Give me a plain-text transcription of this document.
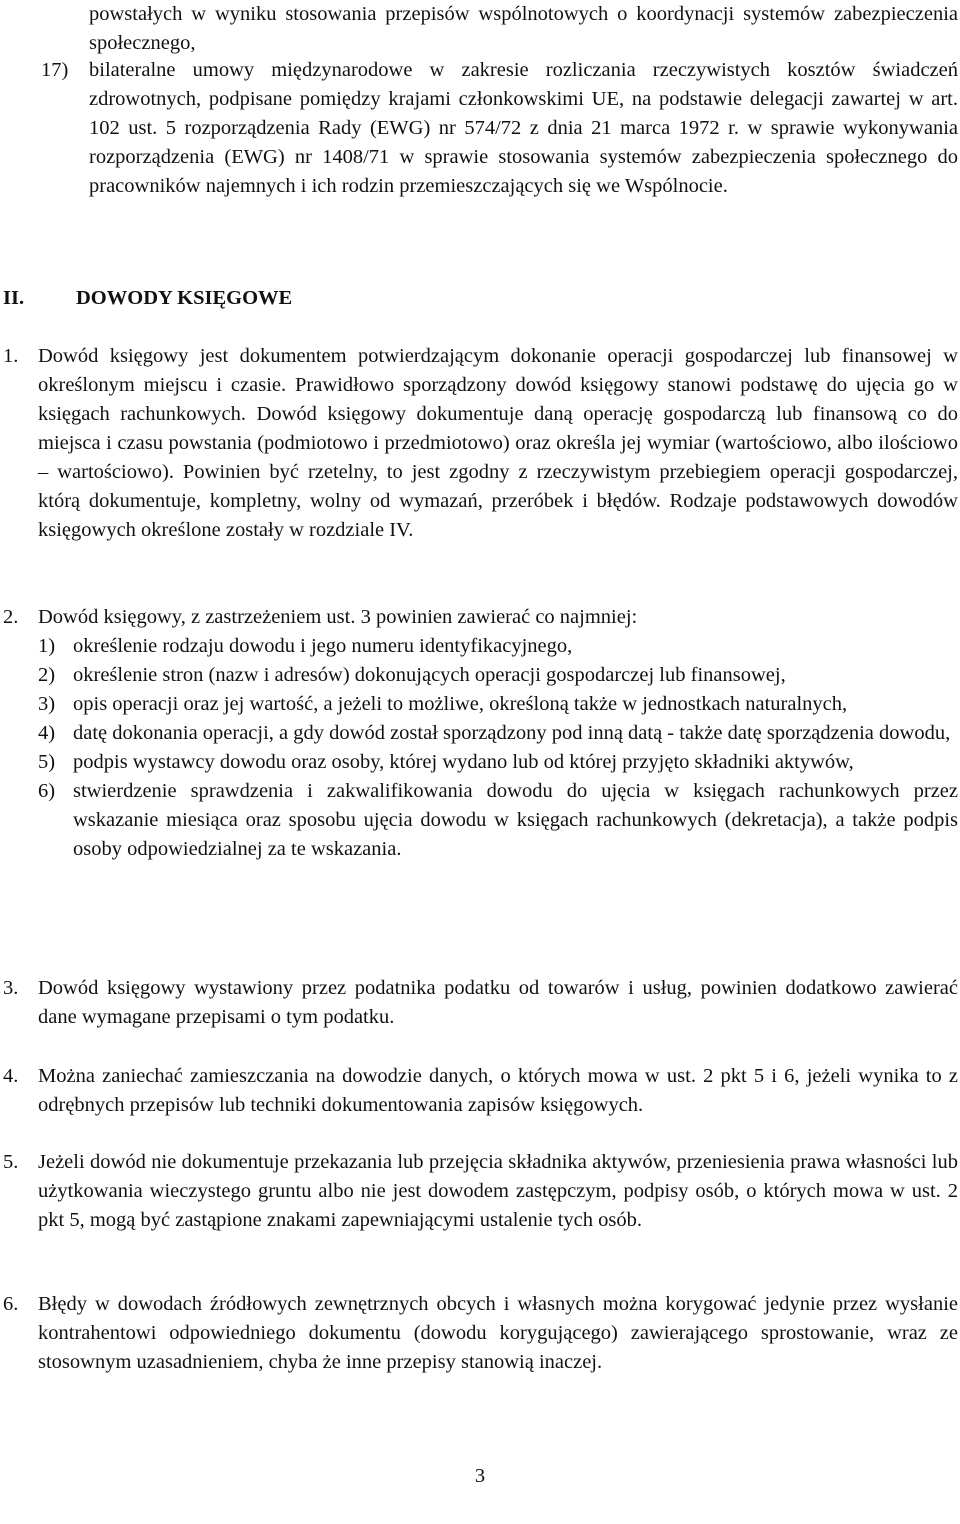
powstałych w wyniku stosowania przepisów wspólnotowych o koordynacji systemów zabezpieczenia społecznego,
17)	bilateralne umowy międzynarodowe w zakresie rozliczania rzeczywistych kosztów świadczeń zdrowotnych, podpisane pomiędzy krajami członkowskimi UE, na podstawie delegacji zawartej w art. 102 ust. 5 rozporządzenia Rady (EWG) nr 574/72 z dnia 21 marca 1972 r. w sprawie wykonywania rozporządzenia (EWG) nr 1408/71 w sprawie stosowania systemów zabezpieczenia społecznego do pracowników najemnych i ich rodzin przemieszczających się we Wspólnocie.
II.	DOWODY KSIĘGOWE
1. Dowód księgowy jest dokumentem potwierdzającym dokonanie operacji gospodarczej lub finansowej w określonym miejscu i czasie. Prawidłowo sporządzony dowód księgowy stanowi podstawę do ujęcia go w księgach rachunkowych. Dowód księgowy dokumentuje daną operację gospodarczą lub finansową co do miejsca i czasu powstania (podmiotowo i przedmiotowo) oraz określa jej wymiar (wartościowo, albo ilościowo – wartościowo). Powinien być rzetelny, to jest zgodny z rzeczywistym przebiegiem operacji gospodarczej, którą dokumentuje, kompletny, wolny od wymazań, przeróbek i błędów. Rodzaje podstawowych dowodów księgowych określone zostały w rozdziale IV.
2. Dowód księgowy, z zastrzeżeniem ust. 3 powinien zawierać co najmniej:
1) określenie rodzaju dowodu i jego numeru identyfikacyjnego,
2) określenie stron (nazw i adresów) dokonujących operacji gospodarczej lub finansowej,
3) opis operacji oraz jej wartość, a jeżeli to możliwe, określoną także w jednostkach naturalnych,
4) datę dokonania operacji, a gdy dowód został sporządzony pod inną datą - także datę sporządzenia dowodu,
5) podpis wystawcy dowodu oraz osoby, której wydano lub od której przyjęto składniki aktywów,
6) stwierdzenie sprawdzenia i zakwalifikowania dowodu do ujęcia w księgach rachunkowych przez wskazanie miesiąca oraz sposobu ujęcia dowodu w księgach rachunkowych (dekretacja), a także podpis osoby odpowiedzialnej za te wskazania.
3. Dowód księgowy wystawiony przez podatnika podatku od towarów i usług, powinien dodatkowo zawierać dane wymagane przepisami o tym podatku.
4. Można zaniechać zamieszczania na dowodzie danych, o których mowa w ust. 2 pkt 5 i 6, jeżeli wynika to z odrębnych przepisów lub techniki dokumentowania zapisów księgowych.
5. Jeżeli dowód nie dokumentuje przekazania lub przejęcia składnika aktywów, przeniesienia prawa własności lub użytkowania wieczystego gruntu albo nie jest dowodem zastępczym, podpisy osób, o których mowa w ust. 2 pkt 5, mogą być zastąpione znakami zapewniającymi ustalenie tych osób.
6. Błędy w dowodach źródłowych zewnętrznych obcych i własnych można korygować jedynie przez wysłanie kontrahentowi odpowiedniego dokumentu (dowodu korygującego) zawierającego sprostowanie, wraz ze stosownym uzasadnieniem, chyba że inne przepisy stanowią inaczej.
3
